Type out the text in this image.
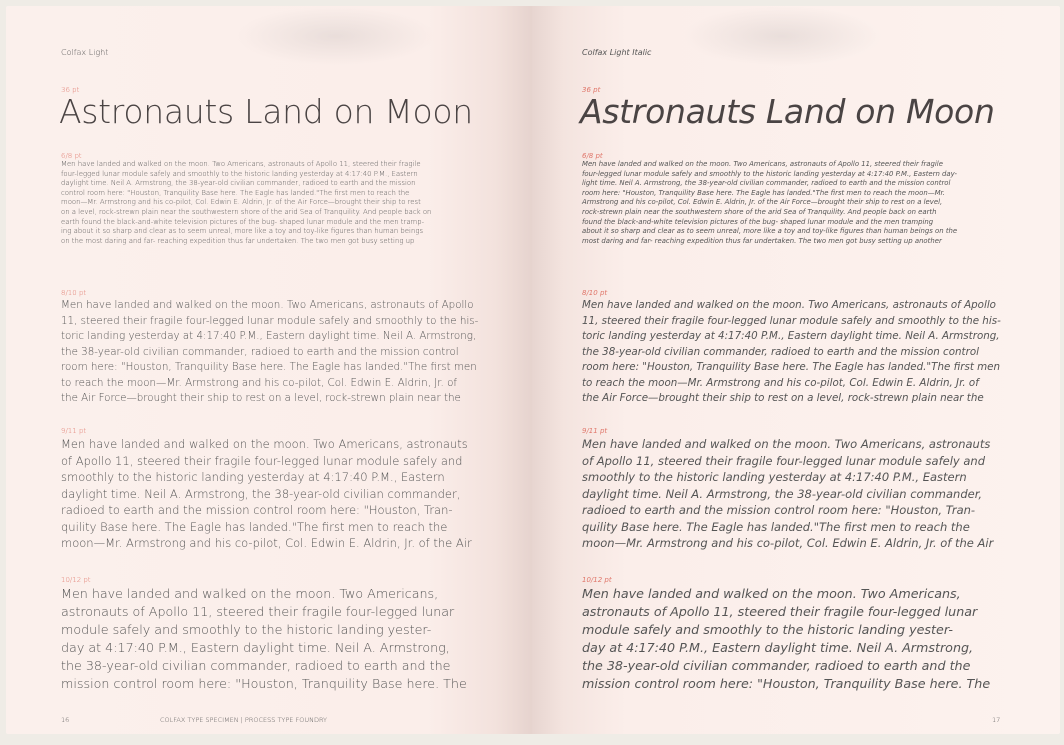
Colfax Light
36 pt
Astronauts Land on Moon
6/8 pt
Men have landed and walked on the moon. Two Americans, astronauts of Apollo 11, steered their fragile
four-legged lunar module safely and smoothly to the historic landing yesterday at 4:17:40 P.M., Eastern
daylight time. Neil A. Armstrong, the 38-year-old civilian commander, radioed to earth and the mission
control room here: "Houston, Tranquility Base here. The Eagle has landed."The first men to reach the
moon—Mr. Armstrong and his co-pilot, Col. Edwin E. Aldrin, Jr. of the Air Force—brought their ship to rest
on a level, rock-strewn plain near the southwestern shore of the arid Sea of Tranquility. And people back on
earth found the black-and-white television pictures of the bug- shaped lunar module and the men tramp-
ing about it so sharp and clear as to seem unreal, more like a toy and toy-like figures than human beings
on the most daring and far- reaching expedition thus far undertaken. The two men got busy setting up
8/10 pt
Men have landed and walked on the moon. Two Americans, astronauts of Apollo
11, steered their fragile four-legged lunar module safely and smoothly to the his-
toric landing yesterday at 4:17:40 P.M., Eastern daylight time. Neil A. Armstrong,
the 38-year-old civilian commander, radioed to earth and the mission control
room here: "Houston, Tranquility Base here. The Eagle has landed."The first men
to reach the moon—Mr. Armstrong and his co-pilot, Col. Edwin E. Aldrin, Jr. of
the Air Force—brought their ship to rest on a level, rock-strewn plain near the
9/11 pt
Men have landed and walked on the moon. Two Americans, astronauts
of Apollo 11, steered their fragile four-legged lunar module safely and
smoothly to the historic landing yesterday at 4:17:40 P.M., Eastern
daylight time. Neil A. Armstrong, the 38-year-old civilian commander,
radioed to earth and the mission control room here: "Houston, Tran-
quility Base here. The Eagle has landed."The first men to reach the
moon—Mr. Armstrong and his co-pilot, Col. Edwin E. Aldrin, Jr. of the Air
10/12 pt
Men have landed and walked on the moon. Two Americans,
astronauts of Apollo 11, steered their fragile four-legged lunar
module safely and smoothly to the historic landing yester-
day at 4:17:40 P.M., Eastern daylight time. Neil A. Armstrong,
the 38-year-old civilian commander, radioed to earth and the
mission control room here: "Houston, Tranquility Base here. The
16	COLFAX TYPE SPECIMEN | PROCESS TYPE FOUNDRY
Colfax Light Italic
36 pt
Astronauts Land on Moon
6/8 pt
Men have landed and walked on the moon. Two Americans, astronauts of Apollo 11, steered their fragile
four-legged lunar module safely and smoothly to the historic landing yesterday at 4:17:40 P.M., Eastern day-
light time. Neil A. Armstrong, the 38-year-old civilian commander, radioed to earth and the mission control
room here: "Houston, Tranquility Base here. The Eagle has landed."The first men to reach the moon—Mr.
Armstrong and his co-pilot, Col. Edwin E. Aldrin, Jr. of the Air Force—brought their ship to rest on a level,
rock-strewn plain near the southwestern shore of the arid Sea of Tranquility. And people back on earth
found the black-and-white television pictures of the bug- shaped lunar module and the men tramping
about it so sharp and clear as to seem unreal, more like a toy and toy-like figures than human beings on the
most daring and far- reaching expedition thus far undertaken. The two men got busy setting up another
8/10 pt
Men have landed and walked on the moon. Two Americans, astronauts of Apollo
11, steered their fragile four-legged lunar module safely and smoothly to the his-
toric landing yesterday at 4:17:40 P.M., Eastern daylight time. Neil A. Armstrong,
the 38-year-old civilian commander, radioed to earth and the mission control
room here: "Houston, Tranquility Base here. The Eagle has landed."The first men
to reach the moon—Mr. Armstrong and his co-pilot, Col. Edwin E. Aldrin, Jr. of
the Air Force—brought their ship to rest on a level, rock-strewn plain near the
9/11 pt
Men have landed and walked on the moon. Two Americans, astronauts
of Apollo 11, steered their fragile four-legged lunar module safely and
smoothly to the historic landing yesterday at 4:17:40 P.M., Eastern
daylight time. Neil A. Armstrong, the 38-year-old civilian commander,
radioed to earth and the mission control room here: "Houston, Tran-
quility Base here. The Eagle has landed."The first men to reach the
moon—Mr. Armstrong and his co-pilot, Col. Edwin E. Aldrin, Jr. of the Air
10/12 pt
Men have landed and walked on the moon. Two Americans,
astronauts of Apollo 11, steered their fragile four-legged lunar
module safely and smoothly to the historic landing yester-
day at 4:17:40 P.M., Eastern daylight time. Neil A. Armstrong,
the 38-year-old civilian commander, radioed to earth and the
mission control room here: "Houston, Tranquility Base here. The
17
